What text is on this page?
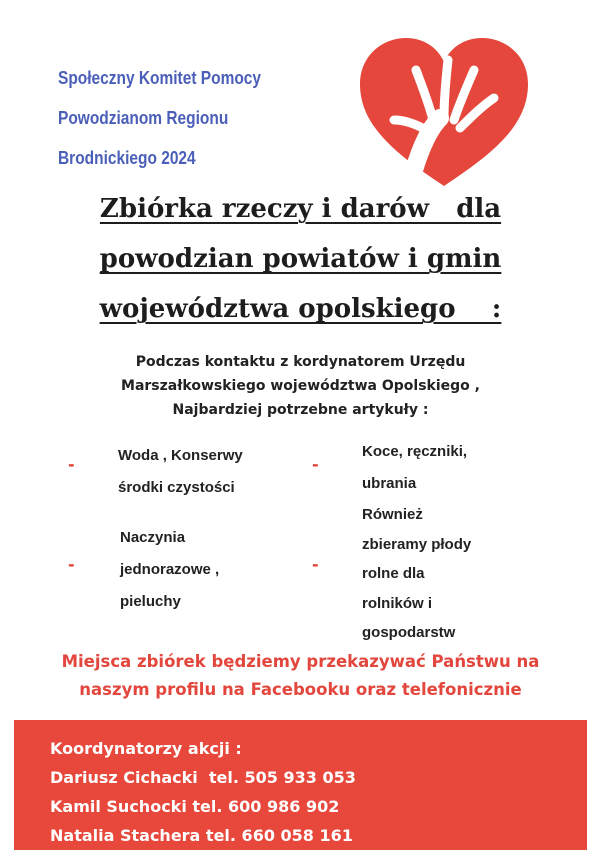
Społeczny Komitet Pomocy
Powodzianom Regionu
Brodnickiego 2024
Zbiórka rzeczy i darów   dla
powodzian powiatów i gmin
województwa opolskiego    :
Podczas kontaktu z kordynatorem Urzędu
Marszałkowskiego województwa Opolskiego ,
Najbardziej potrzebne artykuły :
-	Woda , Konserwy
środki czystości
-
Koce, ręczniki,
ubrania
-
Naczynia
jednorazowe ,
pieluchy
-
Również
zbieramy płody
rolne dla
rolników i
gospodarstw
Miejsca zbiórek będziemy przekazywać Państwu na
naszym profilu na Facebooku oraz telefonicznie
Koordynatorzy akcji :
Dariusz Cichacki  tel. 505 933 053
Kamil Suchocki tel. 600 986 902
Natalia Stachera tel. 660 058 161
